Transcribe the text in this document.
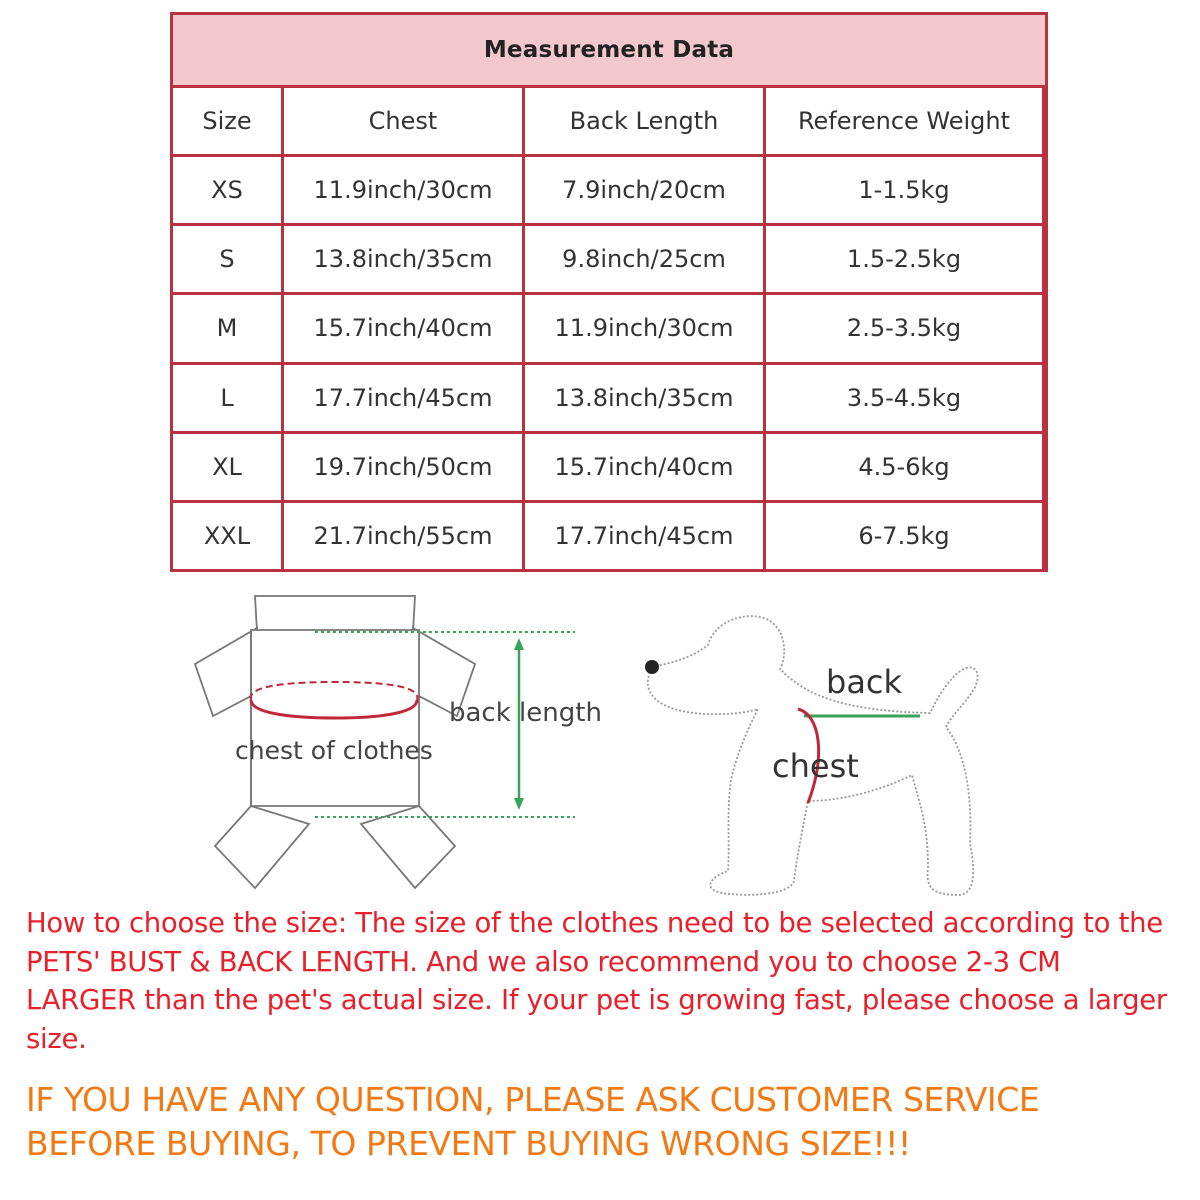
Measurement Data
Size	Chest	Back Length	Reference Weight
XS	11.9inch/30cm	7.9inch/20cm	1-1.5kg
S	13.8inch/35cm	9.8inch/25cm	1.5-2.5kg
M	15.7inch/40cm	11.9inch/30cm	2.5-3.5kg
L	17.7inch/45cm	13.8inch/35cm	3.5-4.5kg
XL	19.7inch/50cm	15.7inch/40cm	4.5-6kg
XXL	21.7inch/55cm	17.7inch/45cm	6-7.5kg
back length
chest of clothes
back
chest

How to choose the size: The size of the clothes need to be selected according to the PETS' BUST & BACK LENGTH. And we also recommend you to choose 2-3 CM LARGER than the pet's actual size. If your pet is growing fast, please choose a larger size.

IF YOU HAVE ANY QUESTION, PLEASE ASK CUSTOMER SERVICE BEFORE BUYING, TO PREVENT BUYING WRONG SIZE!!!
